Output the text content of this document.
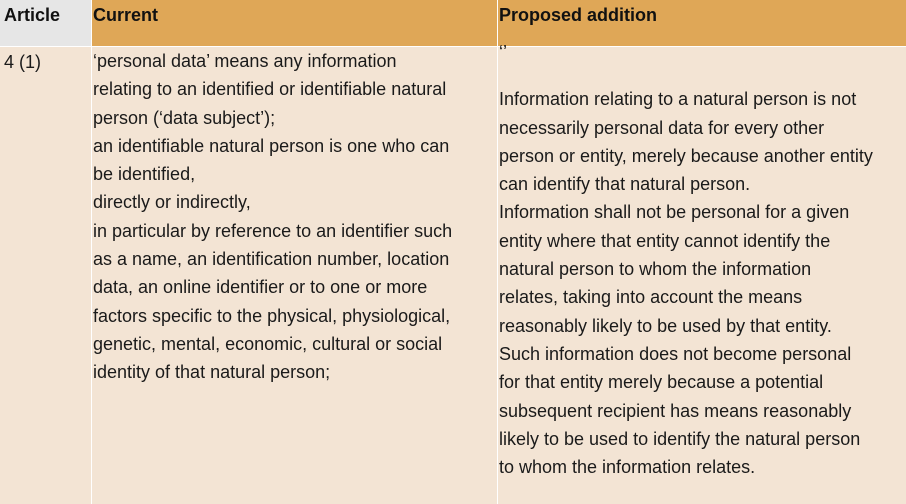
Article Current	Proposed addition
4 (1)	‘personal data’ means any information

relating to an identified or identifiable natural

person (‘data subject’);

an identifiable natural person is one who can

be identified,

directly or indirectly,

in particular by reference to an identifier such

as a name, an identification number, location

data, an online identifier or to one or more

factors specific to the physical, physiological,

genetic, mental, economic, cultural or social

identity of that natural person;

‘’

Information relating to a natural person is not

necessarily personal data for every other

person or entity, merely because another entity

can identify that natural person.

Information shall not be personal for a given

entity where that entity cannot identify the

natural person to whom the information

relates, taking into account the means

reasonably likely to be used by that entity.

Such information does not become personal

for that entity merely because a potential

subsequent recipient has means reasonably

likely to be used to identify the natural person

to whom the information relates.
